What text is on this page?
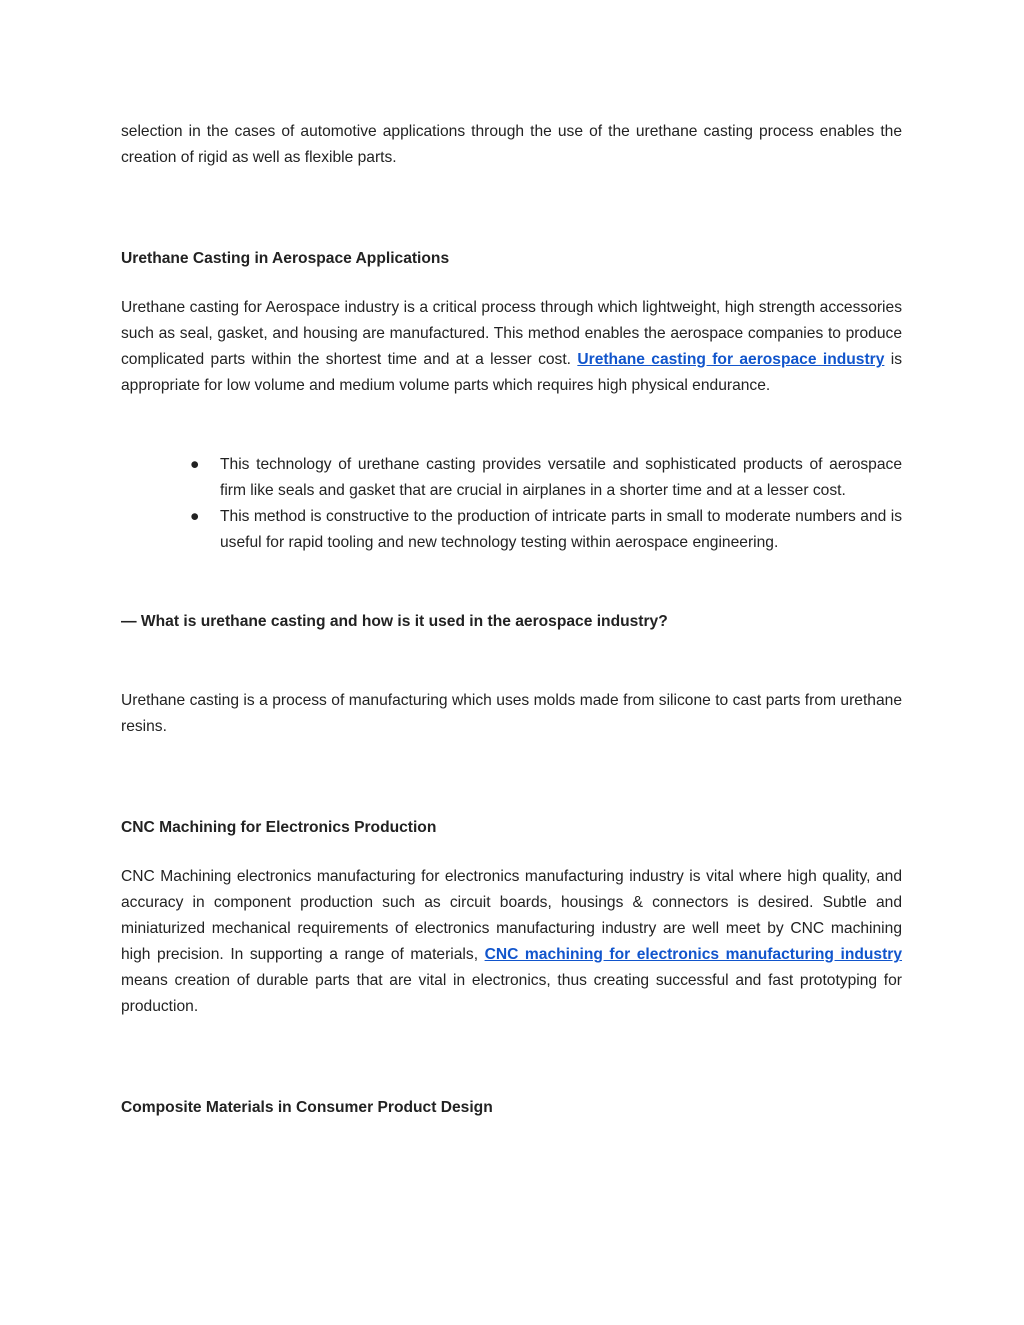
selection in the cases of automotive applications through the use of the urethane casting process enables the creation of rigid as well as flexible parts.

Urethane Casting in Aerospace Applications

Urethane casting for Aerospace industry is a critical process through which lightweight, high strength accessories such as seal, gasket, and housing are manufactured. This method enables the aerospace companies to produce complicated parts within the shortest time and at a lesser cost. Urethane casting for aerospace industry is appropriate for low volume and medium volume parts which requires high physical endurance.

● This technology of urethane casting provides versatile and sophisticated products of aerospace firm like seals and gasket that are crucial in airplanes in a shorter time and at a lesser cost.
● This method is constructive to the production of intricate parts in small to moderate numbers and is useful for rapid tooling and new technology testing within aerospace engineering.

— What is urethane casting and how is it used in the aerospace industry?

Urethane casting is a process of manufacturing which uses molds made from silicone to cast parts from urethane resins.

CNC Machining for Electronics Production

CNC Machining electronics manufacturing for electronics manufacturing industry is vital where high quality, and accuracy in component production such as circuit boards, housings & connectors is desired. Subtle and miniaturized mechanical requirements of electronics manufacturing industry are well meet by CNC machining high precision. In supporting a range of materials, CNC machining for electronics manufacturing industry means creation of durable parts that are vital in electronics, thus creating successful and fast prototyping for production.

Composite Materials in Consumer Product Design
